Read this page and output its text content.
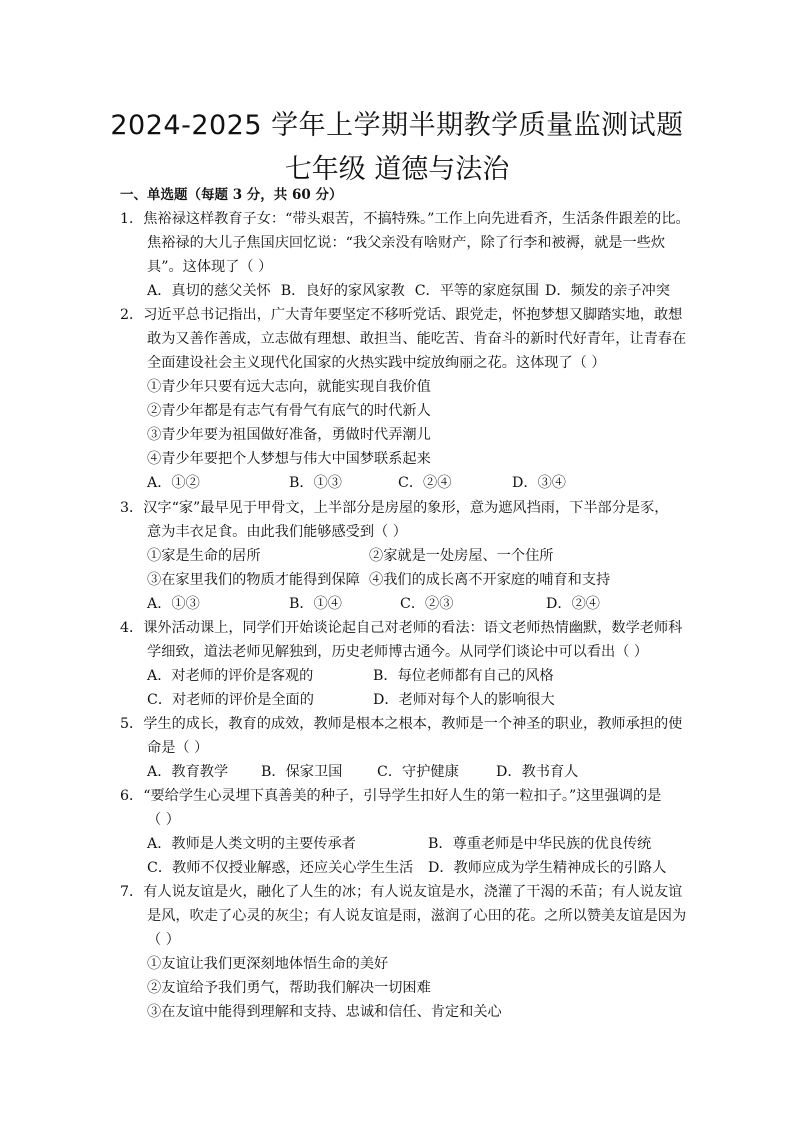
2024-2025 学年上学期半期教学质量监测试题
七年级 道德与法治
一、单选题（每题 3 分，共 60 分）
1．焦裕禄这样教育子女：“带头艰苦，不搞特殊。”工作上向先进看齐，生活条件跟差的比。
焦裕禄的大儿子焦国庆回忆说：“我父亲没有啥财产，除了行李和被褥，就是一些炊
具”。这体现了（ ）
A．真切的慈父关怀 B．良好的家风家教 C．平等的家庭氛围 D．频发的亲子冲突
2．习近平总书记指出，广大青年要坚定不移听党话、跟党走，怀抱梦想又脚踏实地，敢想
敢为又善作善成，立志做有理想、敢担当、能吃苦、肯奋斗的新时代好青年，让青春在
全面建设社会主义现代化国家的火热实践中绽放绚丽之花。这体现了（ ）
①青少年只要有远大志向，就能实现自我价值
②青少年都是有志气有骨气有底气的时代新人
③青少年要为祖国做好准备，勇做时代弄潮儿
④青少年要把个人梦想与伟大中国梦联系起来
A．①②	B．①③	C．②④	D．③④
3．汉字“家”最早见于甲骨文，上半部分是房屋的象形，意为遮风挡雨，下半部分是豕，
意为丰衣足食。由此我们能够感受到（ ）
①家是生命的居所	②家就是一处房屋、一个住所
③在家里我们的物质才能得到保障 ④我们的成长离不开家庭的哺育和支持
A．①③	B．①④	C．②③	D．②④
4．课外活动课上，同学们开始谈论起自己对老师的看法：语文老师热情幽默，数学老师科
学细致，道法老师见解独到，历史老师博古通今。从同学们谈论中可以看出（ ）
A．对老师的评价是客观的	B．每位老师都有自己的风格
C．对老师的评价是全面的	D．老师对每个人的影响很大
5．学生的成长，教育的成效，教师是根本之根本，教师是一个神圣的职业，教师承担的使
命是（ ）
A．教育教学 B．保家卫国 C．守护健康	D．教书育人
6．“要给学生心灵埋下真善美的种子，引导学生扣好人生的第一粒扣子。”这里强调的是
（ ）
A．教师是人类文明的主要传承者	B．尊重老师是中华民族的优良传统
C．教师不仅授业解惑，还应关心学生生活 D．教师应成为学生精神成长的引路人
7．有人说友谊是火，融化了人生的冰；有人说友谊是水，浇灌了干渴的禾苗；有人说友谊
是风，吹走了心灵的灰尘；有人说友谊是雨，滋润了心田的花。之所以赞美友谊是因为
（ ）
①友谊让我们更深刻地体悟生命的美好
②友谊给予我们勇气，帮助我们解决一切困难
③在友谊中能得到理解和支持、忠诚和信任、肯定和关心
